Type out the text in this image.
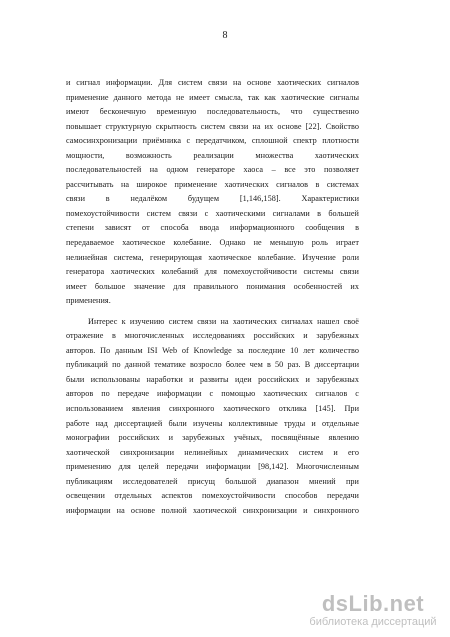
8
и сигнал информации. Для систем связи на основе хаотических сигналов
применение данного метода не имеет смысла, так как хаотические сигналы
имеют бесконечную временную последовательность, что существенно
повышает структурную скрытность систем связи на их основе [22]. Свойство
самосинхронизации приёмника с передатчиком, сплошной спектр плотности
мощности, возможность реализации множества хаотических
последовательностей на одном генераторе хаоса – все это позволяет
рассчитывать на широкое применение хаотических сигналов в системах
связи в недалёком будущем [1,146,158]. Характеристики
помехоустойчивости систем связи с хаотическими сигналами в большей
степени зависят от способа ввода информационного сообщения в
передаваемое хаотическое колебание. Однако не меньшую роль играет
нелинейная система, генерирующая хаотическое колебание. Изучение роли
генератора хаотических колебаний для помехоустойчивости системы связи
имеет большое значение для правильного понимания особенностей их
применения.
Интерес к изучению систем связи на хаотических сигналах нашел своё
отражение в многочисленных исследованиях российских и зарубежных
авторов. По данным ISI Web of Knowledge за последние 10 лет количество
публикаций по данной тематике возросло более чем в 50 раз. В диссертации
были использованы наработки и развиты идеи российских и зарубежных
авторов по передаче информации с помощью хаотических сигналов с
использованием явления синхронного хаотического отклика [145]. При
работе над диссертацией были изучены коллективные труды и отдельные
монографии российских и зарубежных учёных, посвящённые явлению
хаотической синхронизации нелинейных динамических систем и его
применению для целей передачи информации [98,142]. Многочисленным
публикациям исследователей присущ большой диапазон мнений при
освещении отдельных аспектов помехоустойчивости способов передачи
информации на основе полной хаотической синхронизации и синхронного
dsLib.net
библиотека диссертаций
